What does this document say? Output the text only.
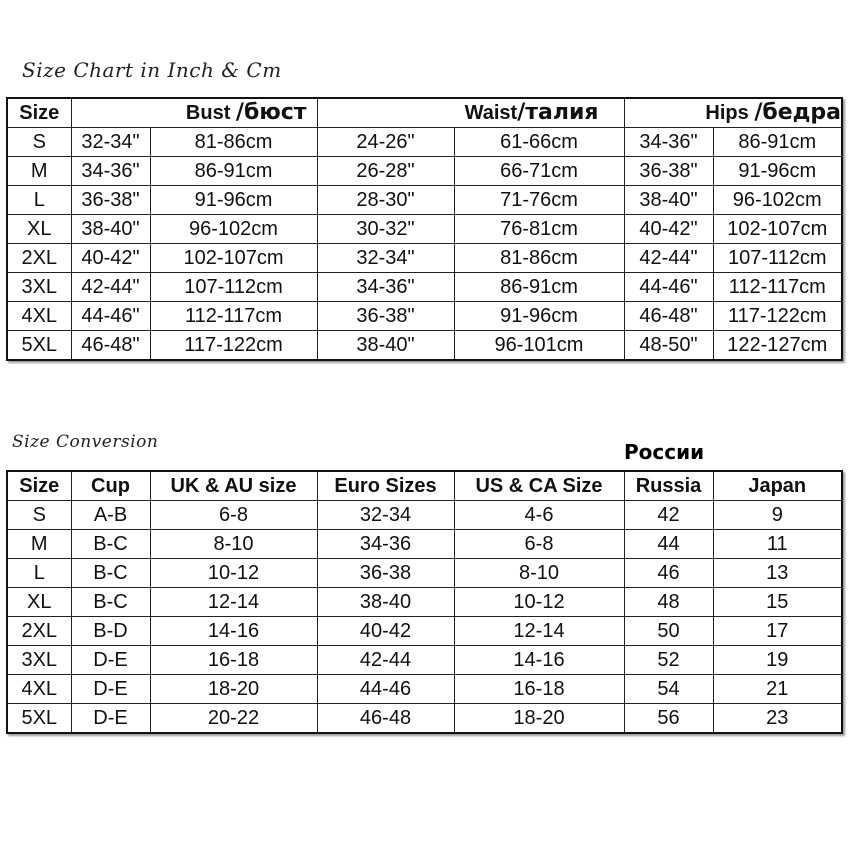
Size Chart in Inch & Cm
Size	Bust /бюст		Waist/талия		Hips /бедра	
S	32-34"	81-86cm	24-26"	61-66cm	34-36"	86-91cm
M	34-36"	86-91cm	26-28"	66-71cm	36-38"	91-96cm
L	36-38"	91-96cm	28-30"	71-76cm	38-40"	96-102cm
XL	38-40"	96-102cm	30-32"	76-81cm	40-42"	102-107cm
2XL	40-42"	102-107cm	32-34"	81-86cm	42-44"	107-112cm
3XL	42-44"	107-112cm	34-36"	86-91cm	44-46"	112-117cm
4XL	44-46"	112-117cm	36-38"	91-96cm	46-48"	117-122cm
5XL	46-48"	117-122cm	38-40"	96-101cm	48-50"	122-127cm
Size Conversion	России
Size	Cup	UK & AU size	Euro Sizes	US & CA Size	Russia	Japan
S	A-B	6-8	32-34	4-6	42	9
M	B-C	8-10	34-36	6-8	44	11
L	B-C	10-12	36-38	8-10	46	13
XL	B-C	12-14	38-40	10-12	48	15
2XL	B-D	14-16	40-42	12-14	50	17
3XL	D-E	16-18	42-44	14-16	52	19
4XL	D-E	18-20	44-46	16-18	54	21
5XL	D-E	20-22	46-48	18-20	56	23
